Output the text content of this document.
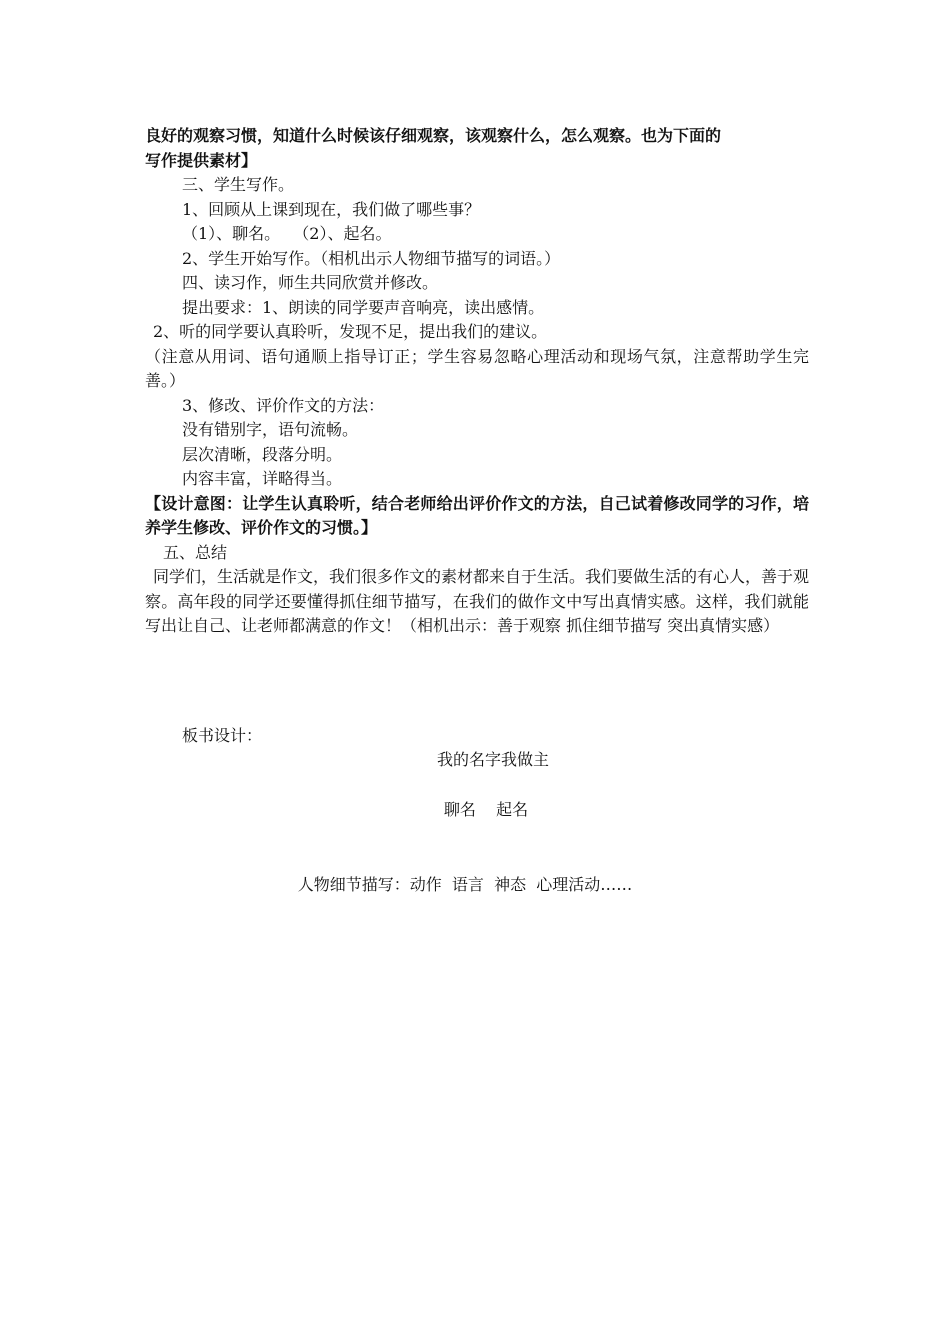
良好的观察习惯，知道什么时候该仔细观察，该观察什么，怎么观察。也为下面的

写作提供素材】

三、学生写作。

1、回顾从上课到现在，我们做了哪些事？

（1）、聊名。　 （2）、起名。

2、学生开始写作。（相机出示人物细节描写的词语。）

四、读习作，师生共同欣赏并修改。

提出要求：1、朗读的同学要声音响亮，读出感情。

2、听的同学要认真聆听，发现不足，提出我们的建议。

（注意从用词、语句通顺上指导订正；学生容易忽略心理活动和现场气氛，注意帮助学生完善。）

3、修改、评价作文的方法：

没有错别字，语句流畅。

层次清晰，段落分明。

内容丰富，详略得当。

【设计意图：让学生认真聆听，结合老师给出评价作文的方法，自己试着修改同学的习作，培养学生修改、评价作文的习惯。】

五、总结

同学们，生活就是作文，我们很多作文的素材都来自于生活。我们要做生活的有心人，善于观察。高年段的同学还要懂得抓住细节描写，在我们的做作文中写出真情实感。这样，我们就能写出让自己、让老师都满意的作文！（相机出示：善于观察 抓住细节描写 突出真情实感）

板书设计：
我的名字我做主
聊名    起名
人物细节描写：动作  语言  神态  心理活动……
